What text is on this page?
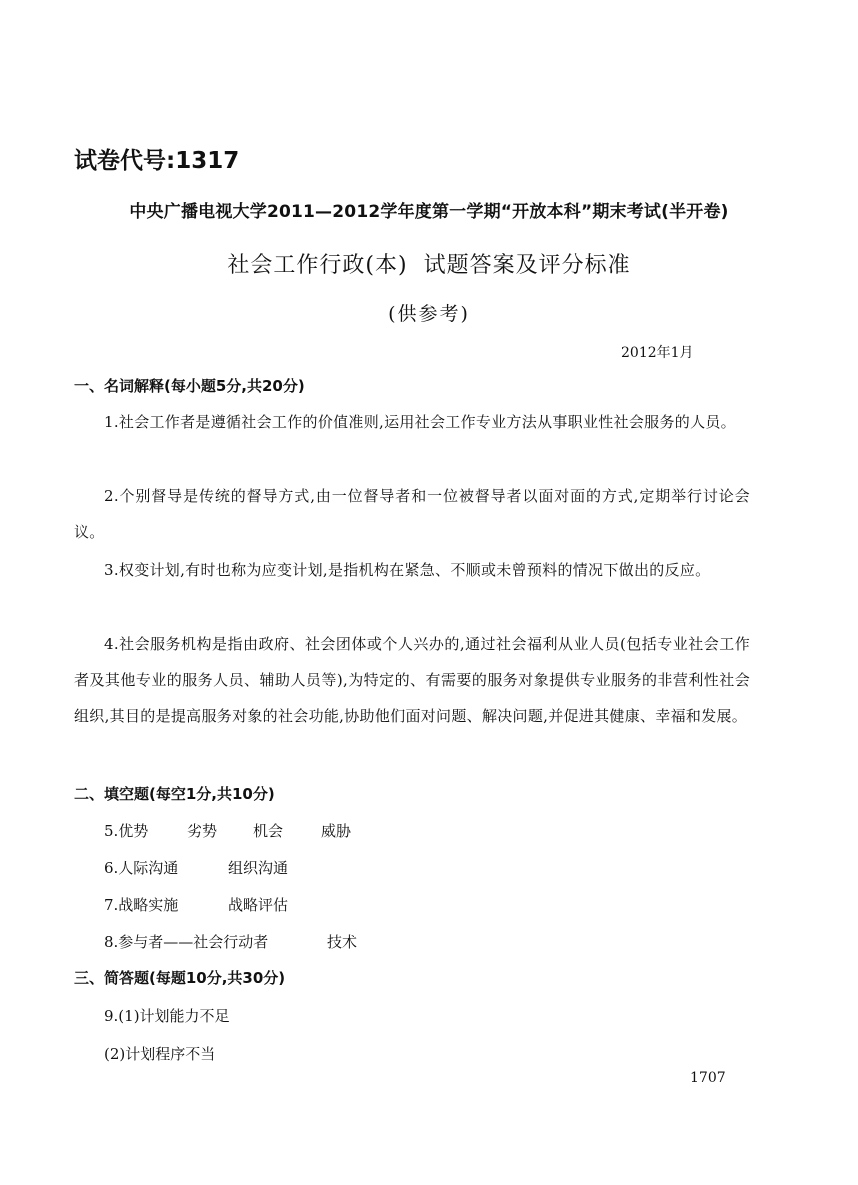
试卷代号:1317
中央广播电视大学2011—2012学年度第一学期“开放本科”期末考试(半开卷)
社会工作行政(本)  试题答案及评分标准
(供参考)
2012年1月
一、名词解释(每小题5分,共20分)
1.社会工作者是遵循社会工作的价值准则,运用社会工作专业方法从事职业性社会服务的人员。
2.个别督导是传统的督导方式,由一位督导者和一位被督导者以面对面的方式,定期举行讨论会议。
3.权变计划,有时也称为应变计划,是指机构在紧急、不顺或未曾预料的情况下做出的反应。
4.社会服务机构是指由政府、社会团体或个人兴办的,通过社会福利从业人员(包括专业社会工作者及其他专业的服务人员、辅助人员等),为特定的、有需要的服务对象提供专业服务的非营利性社会组织,其目的是提高服务对象的社会功能,协助他们面对问题、解决问题,并促进其健康、幸福和发展。
二、填空题(每空1分,共10分)
5.优势	劣势 机会	威胁
6.人际沟通	组织沟通
7.战略实施	战略评估
8.参与者——社会行动者	技术
三、简答题(每题10分,共30分)
9.(1)计划能力不足
(2)计划程序不当
1707
